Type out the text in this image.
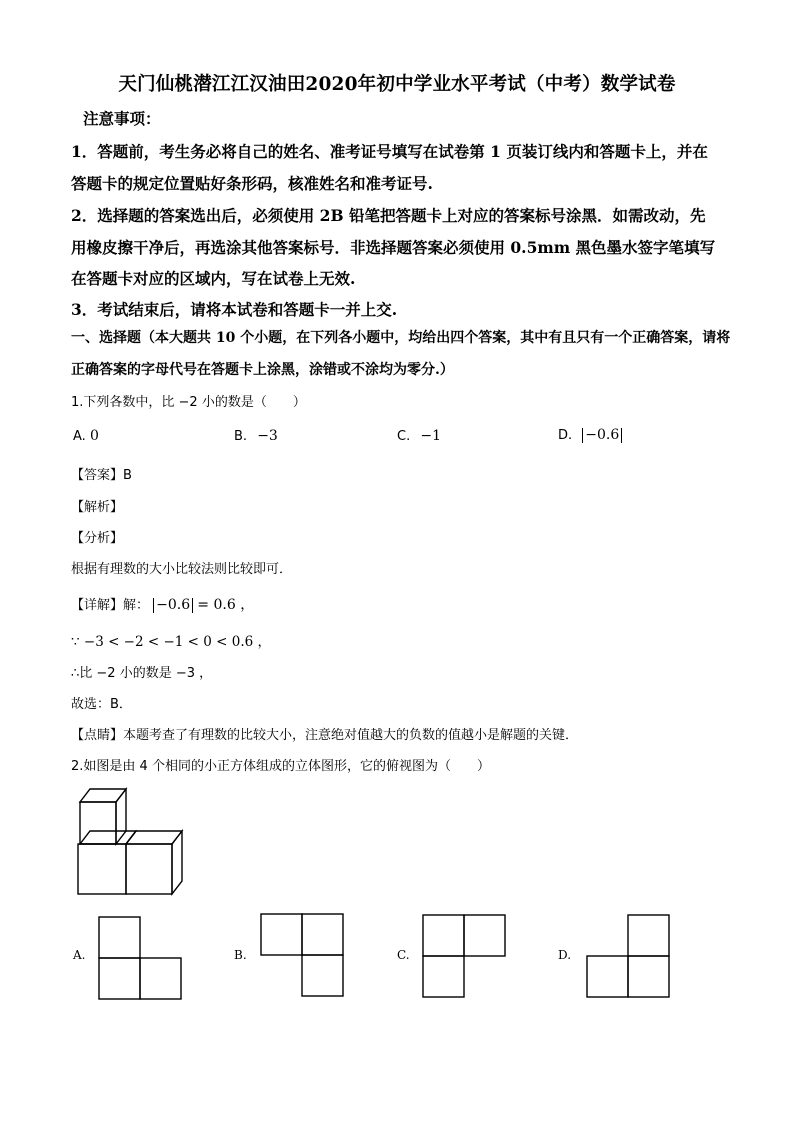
天门仙桃潜江江汉油田2020年初中学业水平考试（中考）数学试卷
注意事项：
1．答题前，考生务必将自己的姓名、准考证号填写在试卷第 1 页装订线内和答题卡上，并在
答题卡的规定位置贴好条形码，核准姓名和准考证号.
2．选择题的答案选出后，必须使用 2B 铅笔把答题卡上对应的答案标号涂黑．如需改动，先
用橡皮擦干净后，再选涂其他答案标号．非选择题答案必须使用 0.5mm 黑色墨水签字笔填写
在答题卡对应的区域内，写在试卷上无效.
3．考试结束后，请将本试卷和答题卡一并上交.
一、选择题（本大题共 10 个小题，在下列各小题中，均给出四个答案，其中有且只有一个正确答案，请将
正确答案的字母代号在答题卡上涂黑，涂错或不涂均为零分.）
1.下列各数中，比 −2 小的数是（　　）
A. 0	B. −3	C. −1	D. −0.6
【答案】B
【解析】
【分析】
根据有理数的大小比较法则比较即可．
【详解】解： −0.6 = 0.6 ，
∵ −3 < −2 < −1 < 0 < 0.6 ，
∴比 −2 小的数是 −3 ，
故选：B．
【点睛】本题考查了有理数的比较大小，注意绝对值越大的负数的值越小是解题的关键．
2.如图是由 4 个相同的小正方体组成的立体图形，它的俯视图为（　　）
A.	B.	C.	D.
